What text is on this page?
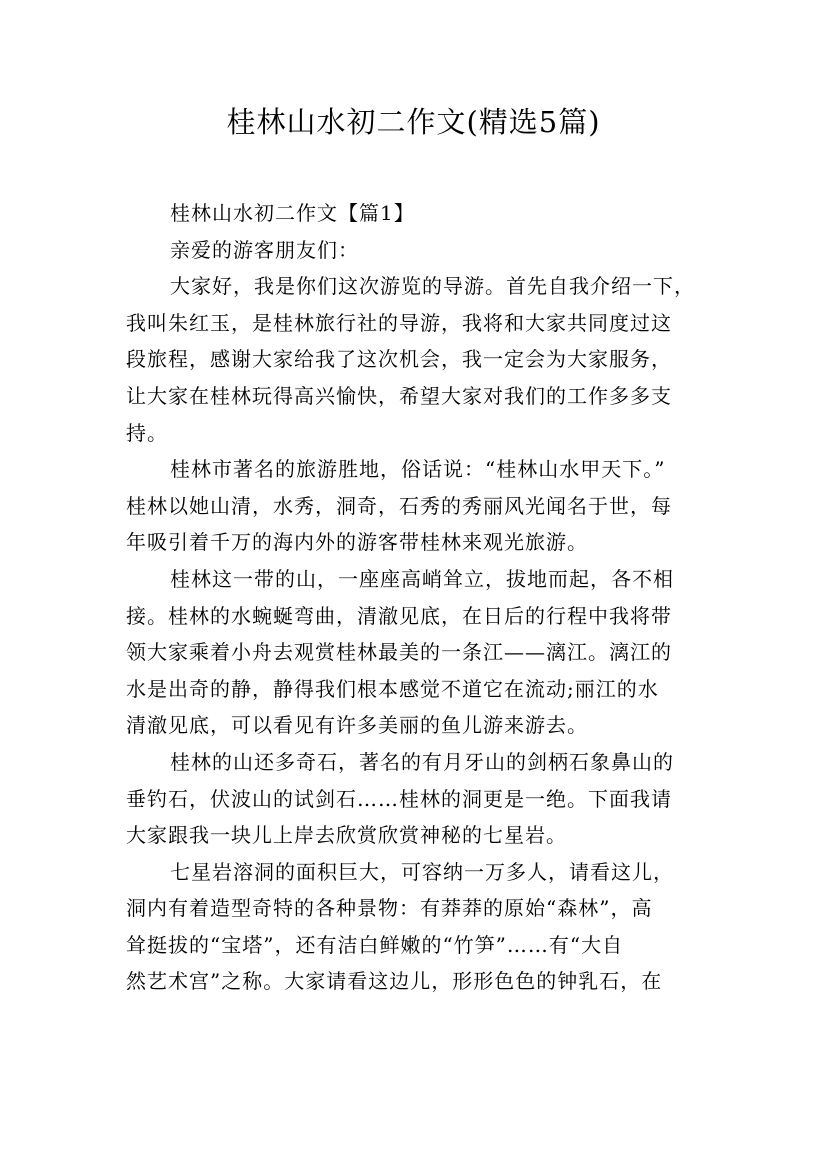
桂林山水初二作文(精选5篇)
桂林山水初二作文【篇1】
亲爱的游客朋友们：
大家好，我是你们这次游览的导游。首先自我介绍一下，
我叫朱红玉，是桂林旅行社的导游，我将和大家共同度过这
段旅程，感谢大家给我了这次机会，我一定会为大家服务，
让大家在桂林玩得高兴愉快，希望大家对我们的工作多多支
持。
桂林市著名的旅游胜地，俗话说：“桂林山水甲天下。”
桂林以她山清，水秀，洞奇，石秀的秀丽风光闻名于世，每
年吸引着千万的海内外的游客带桂林来观光旅游。
桂林这一带的山，一座座高峭耸立，拔地而起，各不相
接。桂林的水蜿蜒弯曲，清澈见底，在日后的行程中我将带
领大家乘着小舟去观赏桂林最美的一条江——漓江。漓江的
水是出奇的静，静得我们根本感觉不道它在流动;丽江的水
清澈见底，可以看见有许多美丽的鱼儿游来游去。
桂林的山还多奇石，著名的有月牙山的剑柄石象鼻山的
垂钓石，伏波山的试剑石……桂林的洞更是一绝。下面我请
大家跟我一块儿上岸去欣赏欣赏神秘的七星岩。
七星岩溶洞的面积巨大，可容纳一万多人，请看这儿，
洞内有着造型奇特的各种景物：有莽莽的原始“森林”，高
耸挺拔的“宝塔”，还有洁白鲜嫩的“竹笋”……有“大自
然艺术宫”之称。大家请看这边儿，形形色色的钟乳石，在
